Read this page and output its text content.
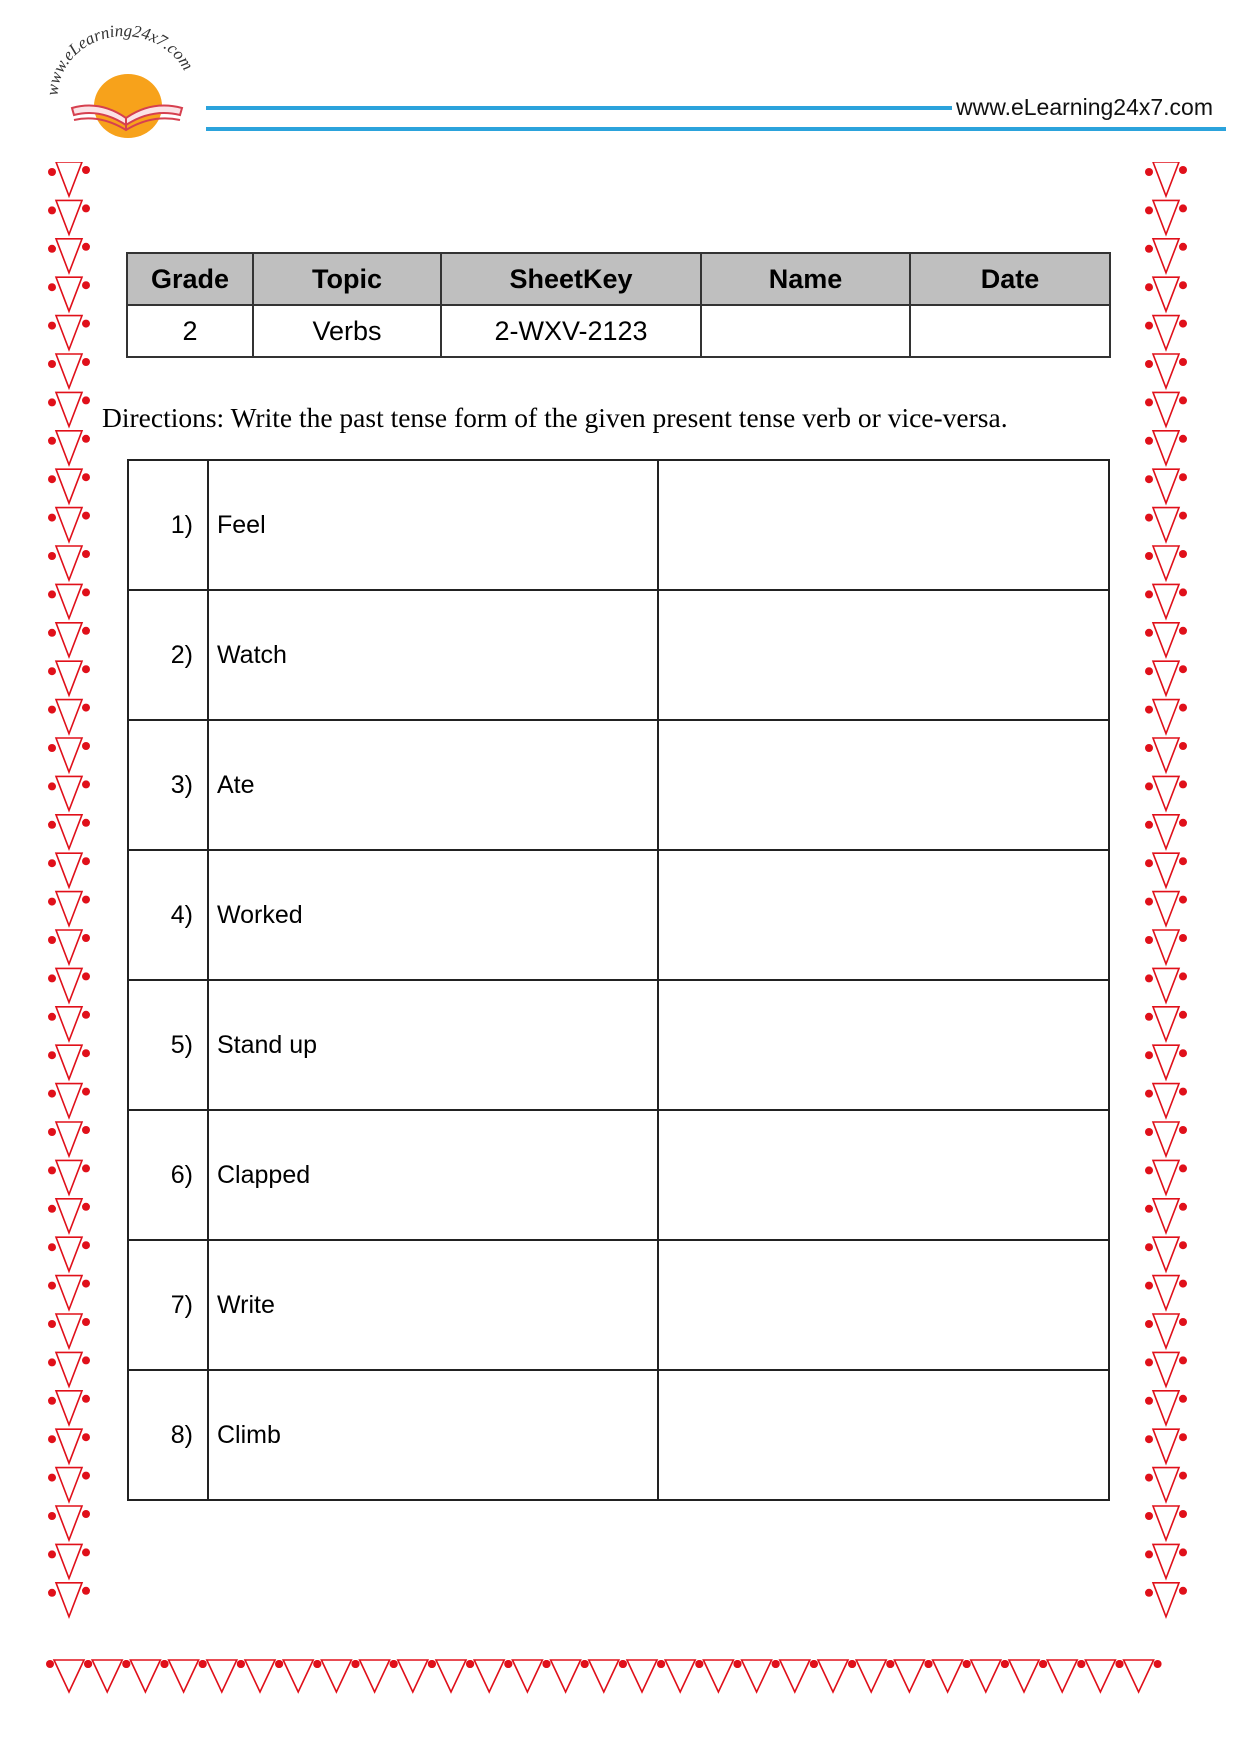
www.eLearning24x7.com
www.eLearning24x7.com
Grade	Topic	SheetKey	Name	Date
2	Verbs	2-WXV-2123		
Directions: Write the past tense form of the given present tense verb or vice-versa.
1)	Feel	
2)	Watch	
3)	Ate	
4)	Worked	
5)	Stand up	
6)	Clapped	
7)	Write	
8)	Climb	
